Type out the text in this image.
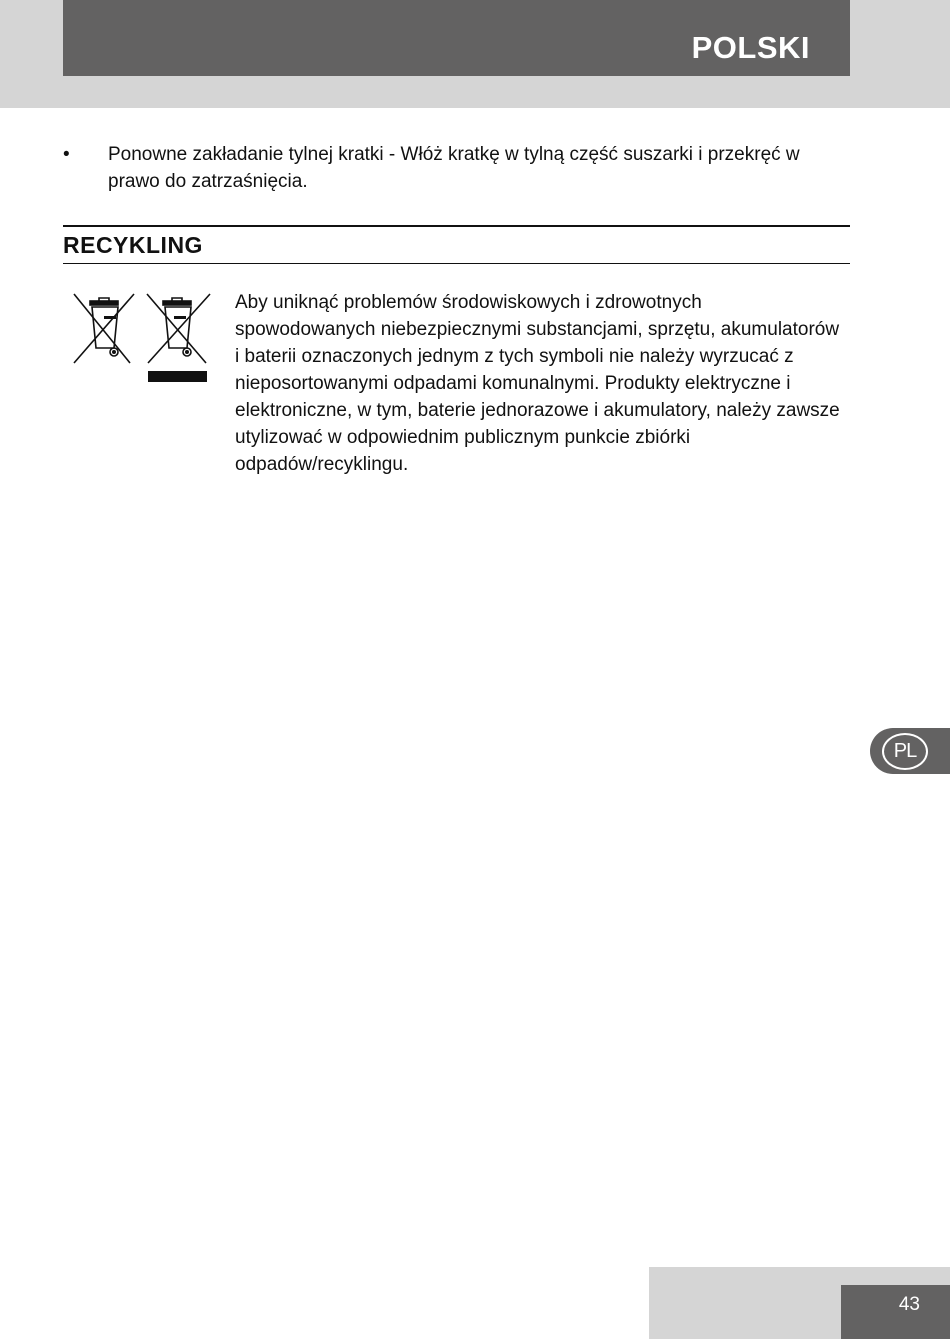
POLSKI
• Ponowne zakładanie tylnej kratki - Włóż kratkę w tylną część suszarki i przekręć w prawo do zatrzaśnięcia.
RECYKLING
Aby uniknąć problemów środowiskowych i zdrowotnych spowodowanych niebezpiecznymi substancjami, sprzętu, akumulatorów i baterii oznaczonych jednym z tych symboli nie należy wyrzucać z nieposortowanymi odpadami komunalnymi. Produkty elektryczne i elektroniczne, w tym, baterie jednorazowe i akumulatory, należy zawsze utylizować w odpowiednim publicznym punkcie zbiórki odpadów/recyklingu.
PL
43
